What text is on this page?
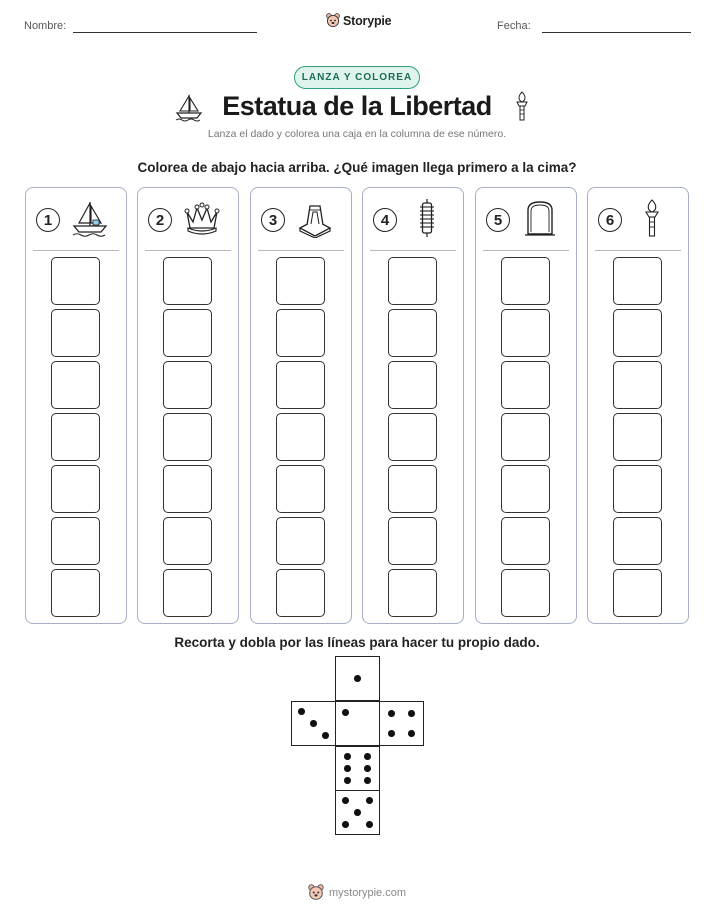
Nombre:	Storypie	Fecha:
LANZA Y COLOREA
Estatua de la Libertad
Lanza el dado y colorea una caja en la columna de ese número.
Colorea de abajo hacia arriba. ¿Qué imagen llega primero a la cima?
1	2	3	4	5	6
Recorta y dobla por las líneas para hacer tu propio dado.
mystorypie.com
